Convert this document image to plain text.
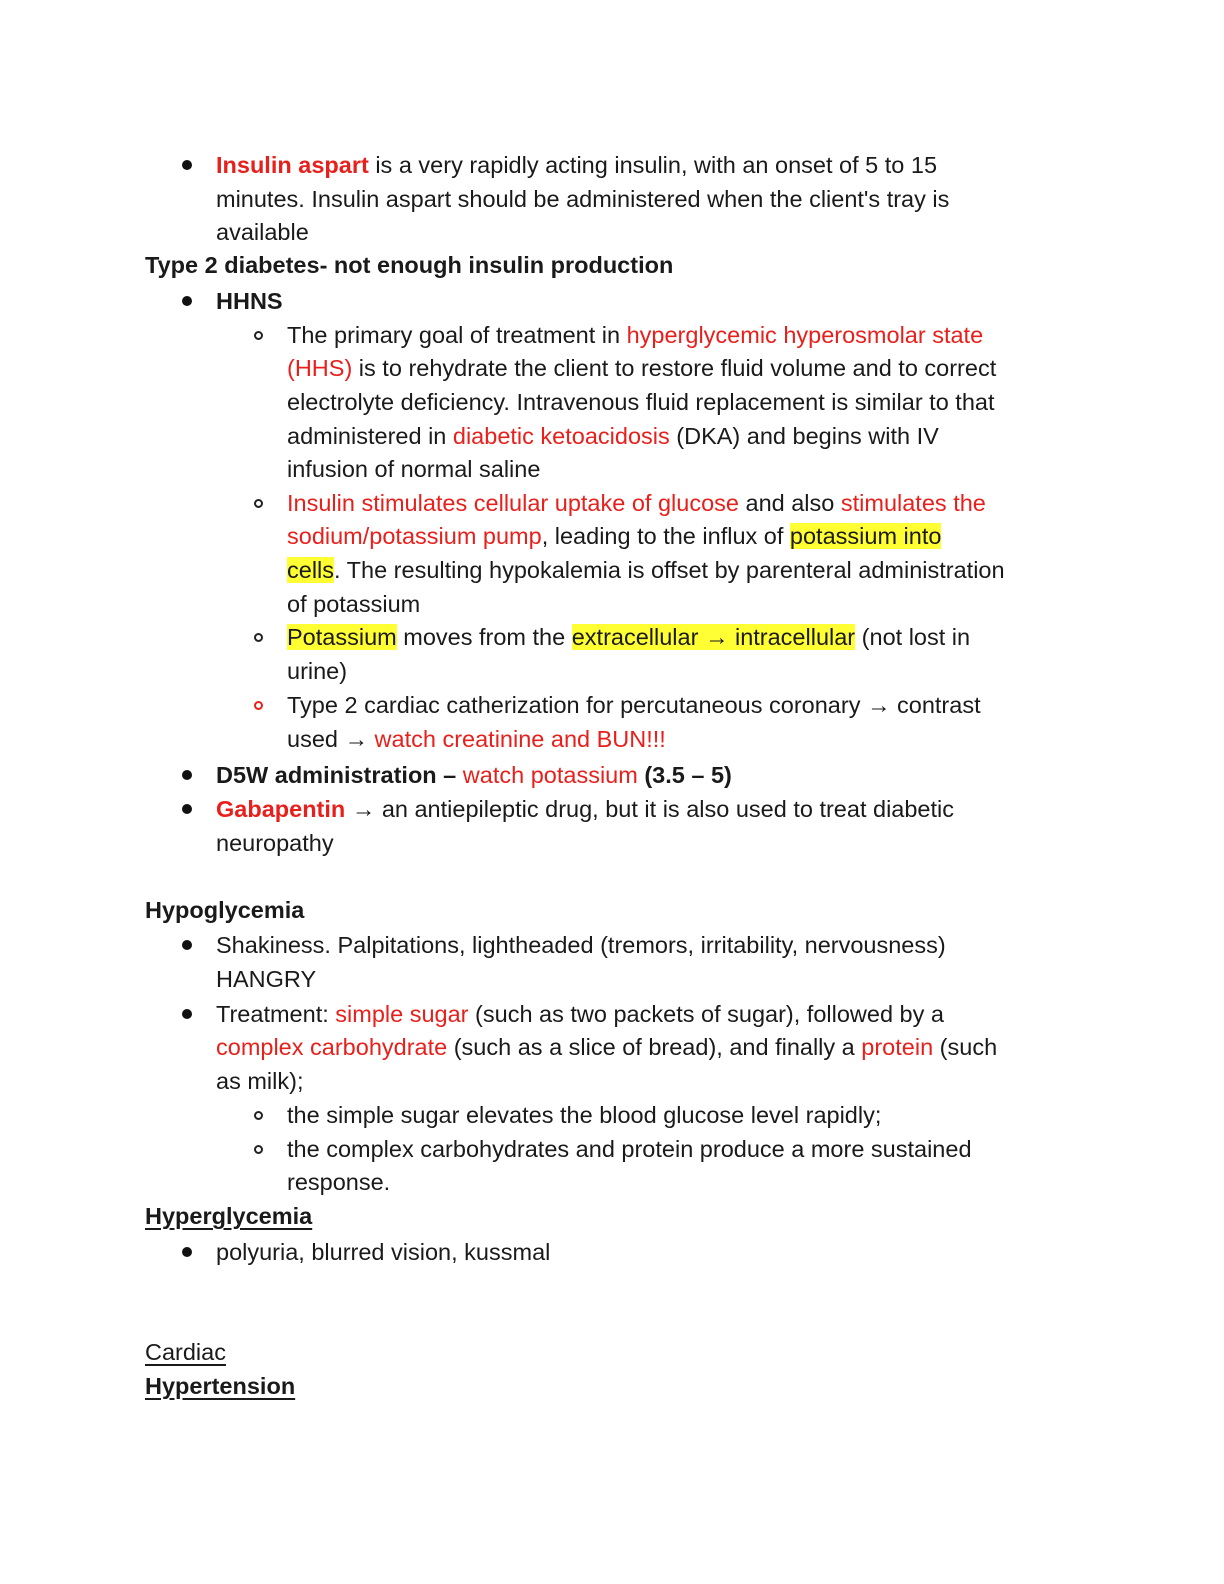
Insulin aspart is a very rapidly acting insulin, with an onset of 5 to 15
minutes. Insulin aspart should be administered when the client's tray is
available
Type 2 diabetes- not enough insulin production
HHNS
The primary goal of treatment in hyperglycemic hyperosmolar state
(HHS) is to rehydrate the client to restore fluid volume and to correct
electrolyte deficiency. Intravenous fluid replacement is similar to that
administered in diabetic ketoacidosis (DKA) and begins with IV
infusion of normal saline
Insulin stimulates cellular uptake of glucose and also stimulates the
sodium/potassium pump, leading to the influx of potassium into
cells. The resulting hypokalemia is offset by parenteral administration
of potassium
Potassium moves from the extracellular → intracellular (not lost in
urine)
Type 2 cardiac catherization for percutaneous coronary → contrast
used → watch creatinine and BUN!!!
D5W administration – watch potassium (3.5 – 5)
Gabapentin → an antiepileptic drug, but it is also used to treat diabetic
neuropathy
Hypoglycemia
Shakiness. Palpitations, lightheaded (tremors, irritability, nervousness)
HANGRY
Treatment: simple sugar (such as two packets of sugar), followed by a
complex carbohydrate (such as a slice of bread), and finally a protein (such
as milk);
the simple sugar elevates the blood glucose level rapidly;
the complex carbohydrates and protein produce a more sustained
response.
Hyperglycemia
polyuria, blurred vision, kussmal
Cardiac
Hypertension
